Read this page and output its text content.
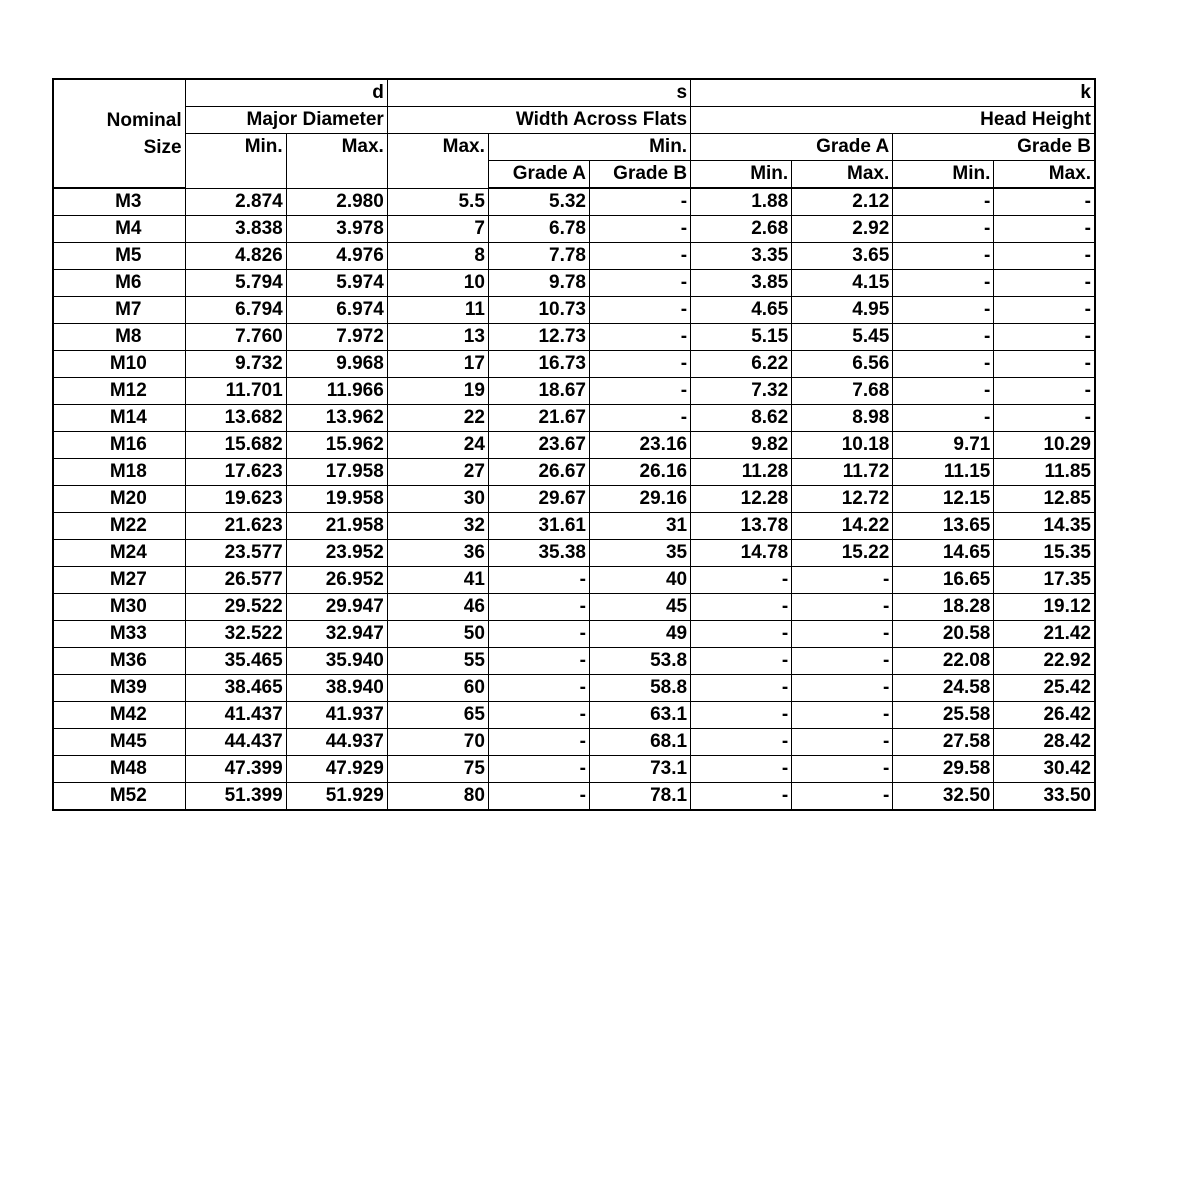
Nominal
Size	d		s			k			
	Major Diameter		Width Across Flats			Head Height			
	Min.	Max.	Max.	Min.		Grade A		Grade B	
				Grade A	Grade B	Min.	Max.	Min.	Max.
M3	2.874	2.980	5.5	5.32	-	1.88	2.12	-	-
M4	3.838	3.978	7	6.78	-	2.68	2.92	-	-
M5	4.826	4.976	8	7.78	-	3.35	3.65	-	-
M6	5.794	5.974	10	9.78	-	3.85	4.15	-	-
M7	6.794	6.974	11	10.73	-	4.65	4.95	-	-
M8	7.760	7.972	13	12.73	-	5.15	5.45	-	-
M10	9.732	9.968	17	16.73	-	6.22	6.56	-	-
M12	11.701	11.966	19	18.67	-	7.32	7.68	-	-
M14	13.682	13.962	22	21.67	-	8.62	8.98	-	-
M16	15.682	15.962	24	23.67	23.16	9.82	10.18	9.71	10.29
M18	17.623	17.958	27	26.67	26.16	11.28	11.72	11.15	11.85
M20	19.623	19.958	30	29.67	29.16	12.28	12.72	12.15	12.85
M22	21.623	21.958	32	31.61	31	13.78	14.22	13.65	14.35
M24	23.577	23.952	36	35.38	35	14.78	15.22	14.65	15.35
M27	26.577	26.952	41	-	40	-	-	16.65	17.35
M30	29.522	29.947	46	-	45	-	-	18.28	19.12
M33	32.522	32.947	50	-	49	-	-	20.58	21.42
M36	35.465	35.940	55	-	53.8	-	-	22.08	22.92
M39	38.465	38.940	60	-	58.8	-	-	24.58	25.42
M42	41.437	41.937	65	-	63.1	-	-	25.58	26.42
M45	44.437	44.937	70	-	68.1	-	-	27.58	28.42
M48	47.399	47.929	75	-	73.1	-	-	29.58	30.42
M52	51.399	51.929	80	-	78.1	-	-	32.50	33.50
